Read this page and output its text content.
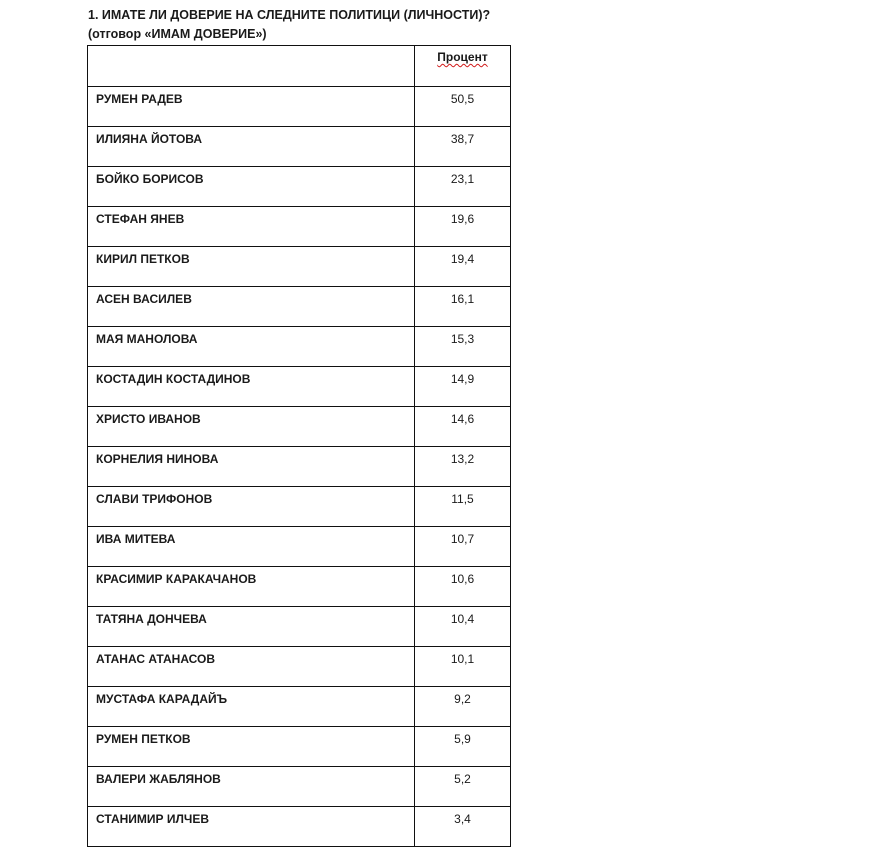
1. ИМАТЕ ЛИ ДОВЕРИЕ НА СЛЕДНИТЕ ПОЛИТИЦИ (ЛИЧНОСТИ)?
(отговор «ИМАМ ДОВЕРИЕ»)
	Процент
РУМЕН РАДЕВ	50,5
ИЛИЯНА ЙОТОВА	38,7
БОЙКО БОРИСОВ	23,1
СТЕФАН ЯНЕВ	19,6
КИРИЛ ПЕТКОВ	19,4
АСЕН ВАСИЛЕВ	16,1
МАЯ МАНОЛОВА	15,3
КОСТАДИН КОСТАДИНОВ	14,9
ХРИСТО ИВАНОВ	14,6
КОРНЕЛИЯ НИНОВА	13,2
СЛАВИ ТРИФОНОВ	11,5
ИВА МИТЕВА	10,7
КРАСИМИР КАРАКАЧАНОВ	10,6
ТАТЯНА ДОНЧЕВА	10,4
АТАНАС АТАНАСОВ	10,1
МУСТАФА КАРАДАЙЪ	9,2
РУМЕН ПЕТКОВ	5,9
ВАЛЕРИ ЖАБЛЯНОВ	5,2
СТАНИМИР ИЛЧЕВ	3,4
